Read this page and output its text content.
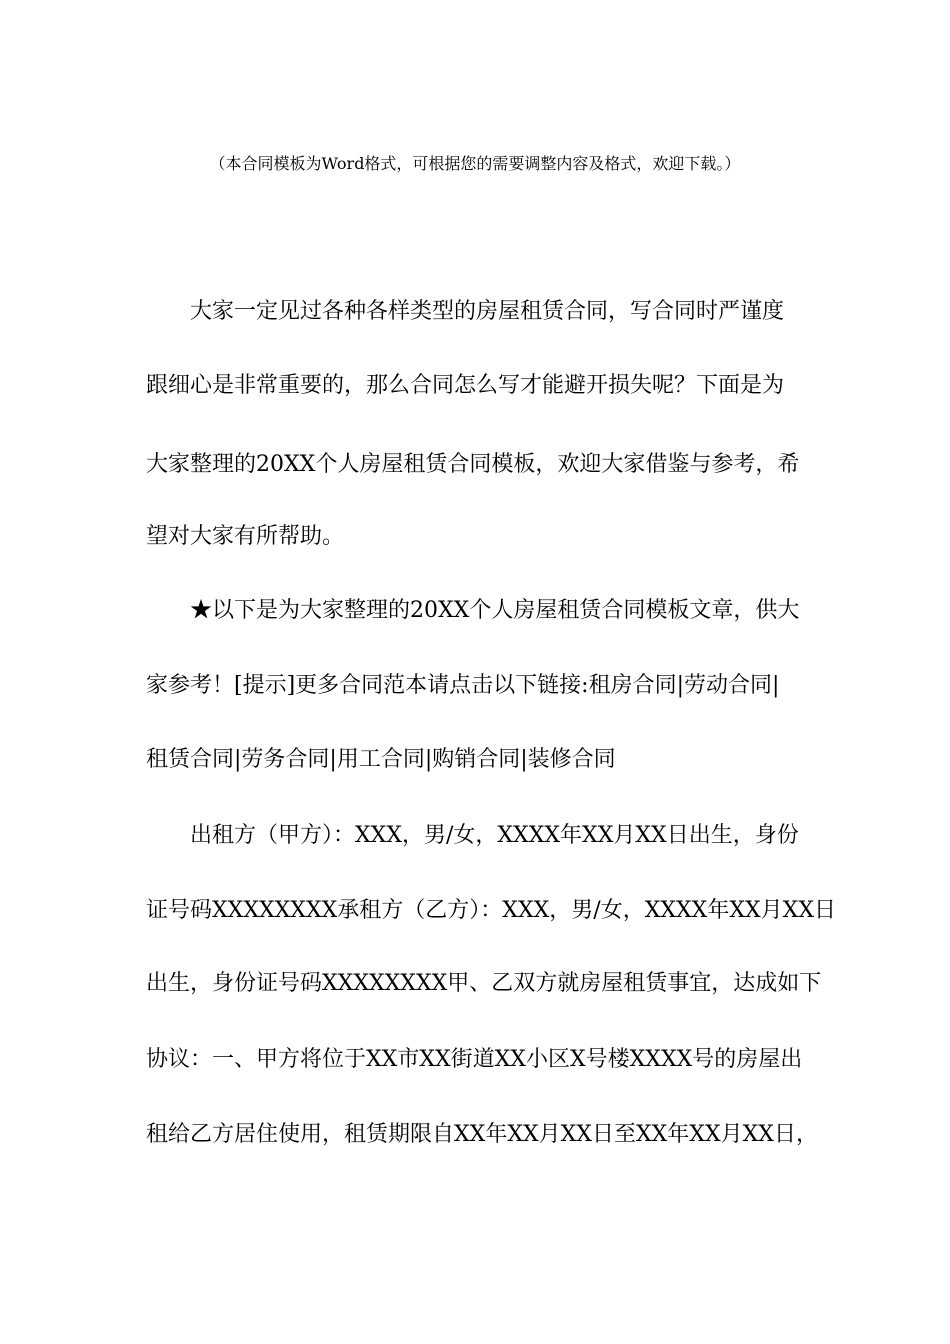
（本合同模板为Word格式，可根据您的需要调整内容及格式，欢迎下载。）
大家一定见过各种各样类型的房屋租赁合同，写合同时严谨度
跟细心是非常重要的，那么合同怎么写才能避开损失呢？下面是为
大家整理的20XX个人房屋租赁合同模板，欢迎大家借鉴与参考，希
望对大家有所帮助。
★以下是为大家整理的20XX个人房屋租赁合同模板文章，供大
家参考！[提示]更多合同范本请点击以下链接:租房合同|劳动合同|
租赁合同|劳务合同|用工合同|购销合同|装修合同
出租方（甲方）：XXX，男/女，XXXX年XX月XX日出生，身份
证号码XXXXXXXX承租方（乙方）：XXX，男/女，XXXX年XX月XX日
出生，身份证号码XXXXXXXX甲、乙双方就房屋租赁事宜，达成如下
协议：一、甲方将位于XX市XX街道XX小区X号楼XXXX号的房屋出
租给乙方居住使用，租赁期限自XX年XX月XX日至XX年XX月XX日，
